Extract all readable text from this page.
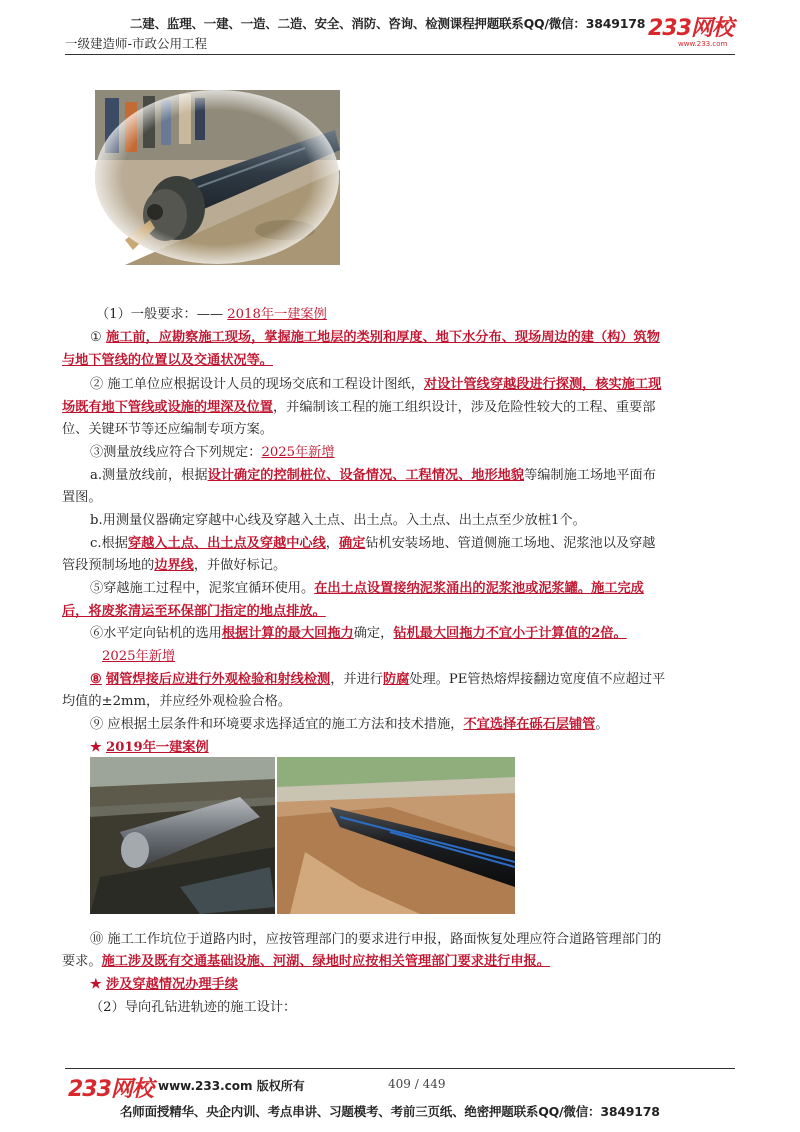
二建、监理、一建、一造、二造、安全、消防、咨询、检测课程押题联系QQ/微信：3849178
一级建造师-市政公用工程
233网校
www.233.com
（1）一般要求：—— 2018年一建案例
① 施工前，应勘察施工现场，掌握施工地层的类别和厚度、地下水分布、现场周边的建（构）筑物
与地下管线的位置以及交通状况等。
② 施工单位应根据设计人员的现场交底和工程设计图纸，对设计管线穿越段进行探测，核实施工现
场既有地下管线或设施的埋深及位置，并编制该工程的施工组织设计，涉及危险性较大的工程、重要部
位、关键环节等还应编制专项方案。
③测量放线应符合下列规定：2025年新增
a.测量放线前，根据设计确定的控制桩位、设备情况、工程情况、地形地貌等编制施工场地平面布
置图。
b.用测量仪器确定穿越中心线及穿越入土点、出土点。入土点、出土点至少放桩1个。
c.根据穿越入土点、出土点及穿越中心线，确定钻机安装场地、管道侧施工场地、泥浆池以及穿越
管段预制场地的边界线，并做好标记。
⑤穿越施工过程中，泥浆宜循环使用。在出土点设置接纳泥浆涌出的泥浆池或泥浆罐。施工完成
后，将废浆清运至环保部门指定的地点排放。
⑥水平定向钻机的选用根据计算的最大回拖力确定，钻机最大回拖力不宜小于计算值的2倍。
2025年新增
⑧ 钢管焊接后应进行外观检验和射线检测，并进行防腐处理。PE管热熔焊接翻边宽度值不应超过平
均值的±2mm，并应经外观检验合格。
⑨ 应根据土层条件和环境要求选择适宜的施工方法和技术措施，不宜选择在砾石层铺管。
★ 2019年一建案例
⑩ 施工工作坑位于道路内时，应按管理部门的要求进行申报，路面恢复处理应符合道路管理部门的
要求。施工涉及既有交通基础设施、河湖、绿地时应按相关管理部门要求进行申报。
★ 涉及穿越情况办理手续
（2）导向孔钻进轨迹的施工设计：
233网校 www.233.com 版权所有	409 / 449
名师面授精华、央企内训、考点串讲、习题模考、考前三页纸、绝密押题联系QQ/微信：3849178
